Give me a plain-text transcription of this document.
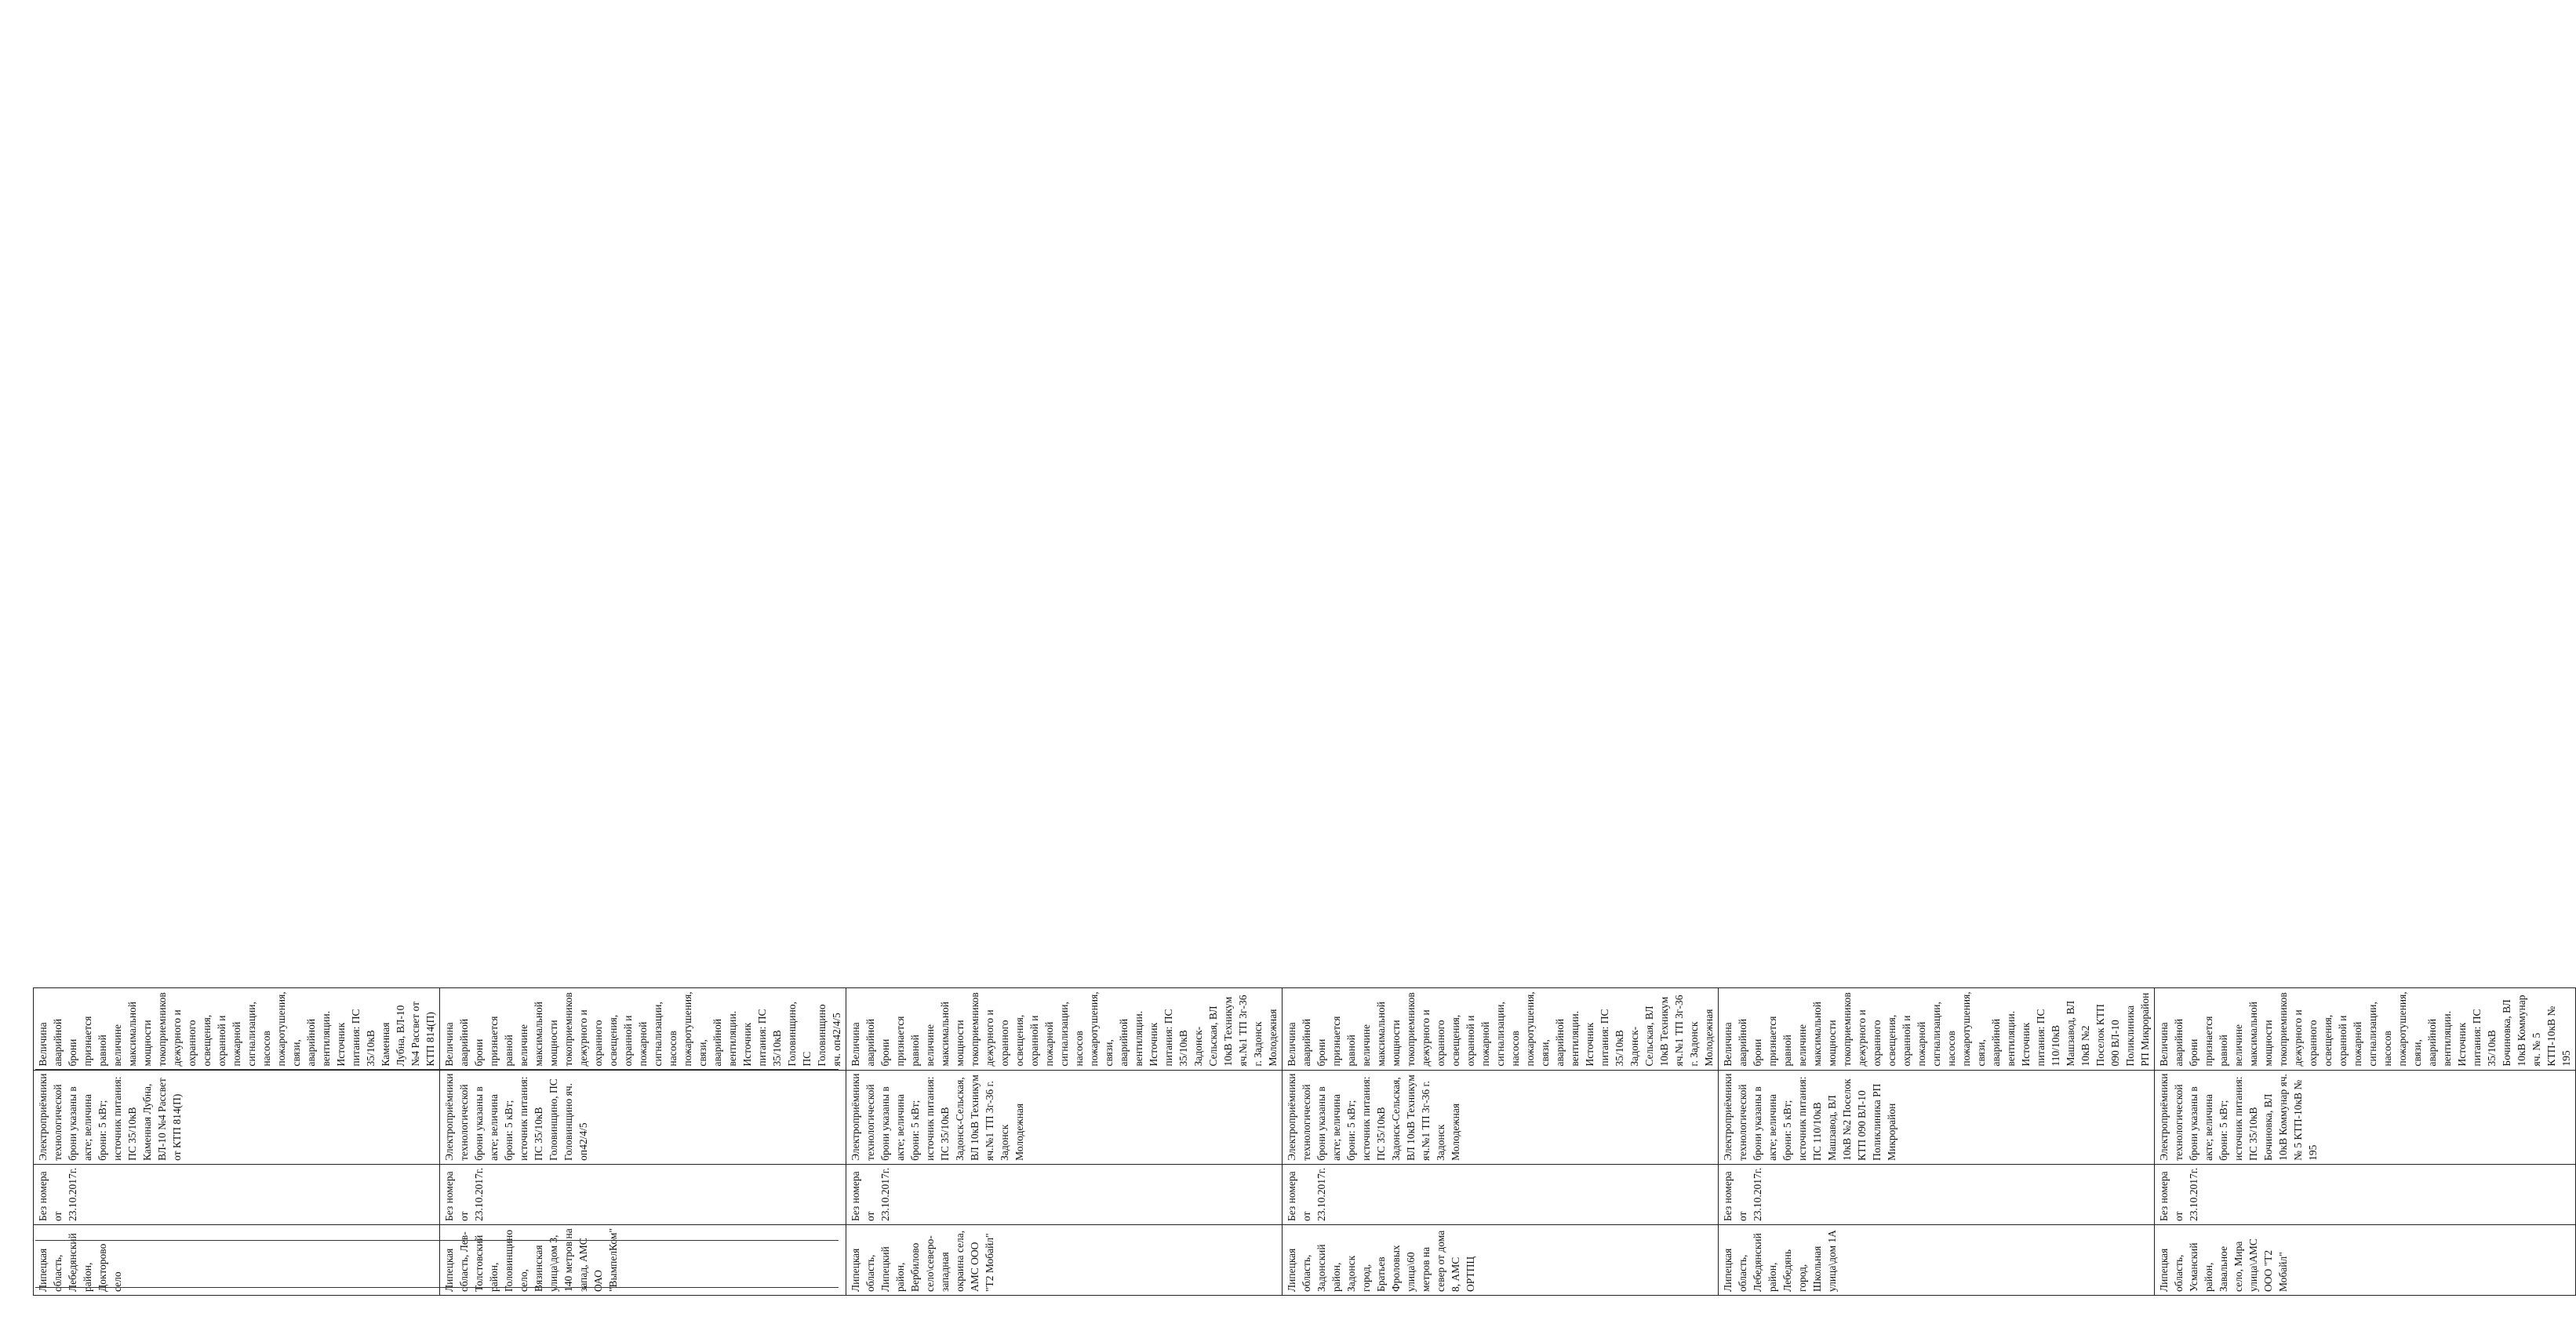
Липецкая область, Лебедянский район, Докторово село	Без номера от 23.10.2017г.	Электроприёмники технологической брони указаны в акте; величина брони: 5 кВт; источник питания: ПС 35/10кВ Каменная Лубна, ВЛ-10 №4 Рассвет от КТП 814(П)	Величина аварийной брони признается равной величине максимальной мощности токоприемников дежурного и охранного освещения, охранной и пожарной сигнализации, насосов пожаротушения, связи, аварийной вентиляции. Источник питания: ПС 35/10кВ Каменная Лубна, ВЛ-10 №4 Рассвет от КТП 814(П)
Липецкая область, Лев-Толстовский район, Головинщино село, Вязинская улица\дом 3, 140 метров на запад, АМС ОАО "ВымпелКом"	Без номера от 23.10.2017г.	Электроприёмники технологической брони указаны в акте; величина брони: 5 кВт; источник питания: ПС 35/10кВ Головинщино, ПС Головинщино яч. оп42/4/5	Величина аварийной брони признается равной величине максимальной мощности токоприемников дежурного и охранного освещения, охранной и пожарной сигнализации, насосов пожаротушения, связи, аварийной вентиляции. Источник питания: ПС 35/10кВ Головинщино, ПС Головинщино яч. оп42/4/5
Липецкая область, Липецкий район, Вербилово село\северо-западная окраина села, АМС ООО "Т2 Мобайл"	Без номера от 23.10.2017г.	Электроприёмники технологической брони указаны в акте; величина брони: 5 кВт; источник питания: ПС 35/10кВ Задонск-Сельская, ВЛ 10кВ Техникум яч.№1 ТП 3г-36 г. Задонск Молодежная	Величина аварийной брони признается равной величине максимальной мощности токоприемников дежурного и охранного освещения, охранной и пожарной сигнализации, насосов пожаротушения, связи, аварийной вентиляции. Источник питания: ПС 35/10кВ Задонск-Сельская, ВЛ 10кВ Техникум яч.№1 ТП 3г-36 г. Задонск Молодежная
Липецкая область, Задонский район, Задонск город, Братьев Фроловых улица\60 метров на север от дома 8, АМС ОРТПЦ	Без номера от 23.10.2017г.	Электроприёмники технологической брони указаны в акте; величина брони: 5 кВт; источник питания: ПС 35/10кВ Задонск-Сельская, ВЛ 10кВ Техникум яч.№1 ТП 3г-36 г. Задонск Молодежная	Величина аварийной брони признается равной величине максимальной мощности токоприемников дежурного и охранного освещения, охранной и пожарной сигнализации, насосов пожаротушения, связи, аварийной вентиляции. Источник питания: ПС 35/10кВ Задонск-Сельская, ВЛ 10кВ Техникум яч.№1 ТП 3г-36 г. Задонск Молодежная
Липецкая область, Лебедянский район, Лебедянь город, Школьная улица\дом 1А	Без номера от 23.10.2017г.	Электроприёмники технологической брони указаны в акте; величина брони: 5 кВт; источник питания: ПС 110/10кВ Машзавод, ВЛ 10кВ №2 Поселок КТП 090 ВЛ-10 Поликлиника РП Микрорайон	Величина аварийной брони признается равной величине максимальной мощности токоприемников дежурного и охранного освещения, охранной и пожарной сигнализации, насосов пожаротушения, связи, аварийной вентиляции. Источник питания: ПС 110/10кВ Машзавод, ВЛ 10кВ №2 Поселок КТП 090 ВЛ-10 Поликлиника РП Микрорайон
Липецкая область, Усманский район, Завальное село, Мира улица\АМС ООО "Т2 Мобайл"	Без номера от 23.10.2017г.	Электроприёмники технологической брони указаны в акте; величина брони: 5 кВт; источник питания: ПС 35/10кВ Бочиновка, ВЛ 10кВ Коммунар яч. № 5 КТП-10кВ № 195	Величина аварийной брони признается равной величине максимальной мощности токоприемников дежурного и охранного освещения, охранной и пожарной сигнализации, насосов пожаротушения, связи, аварийной вентиляции. Источник питания: ПС 35/10кВ Бочиновка, ВЛ 10кВ Коммунар яч. № 5 КТП-10кВ № 195
